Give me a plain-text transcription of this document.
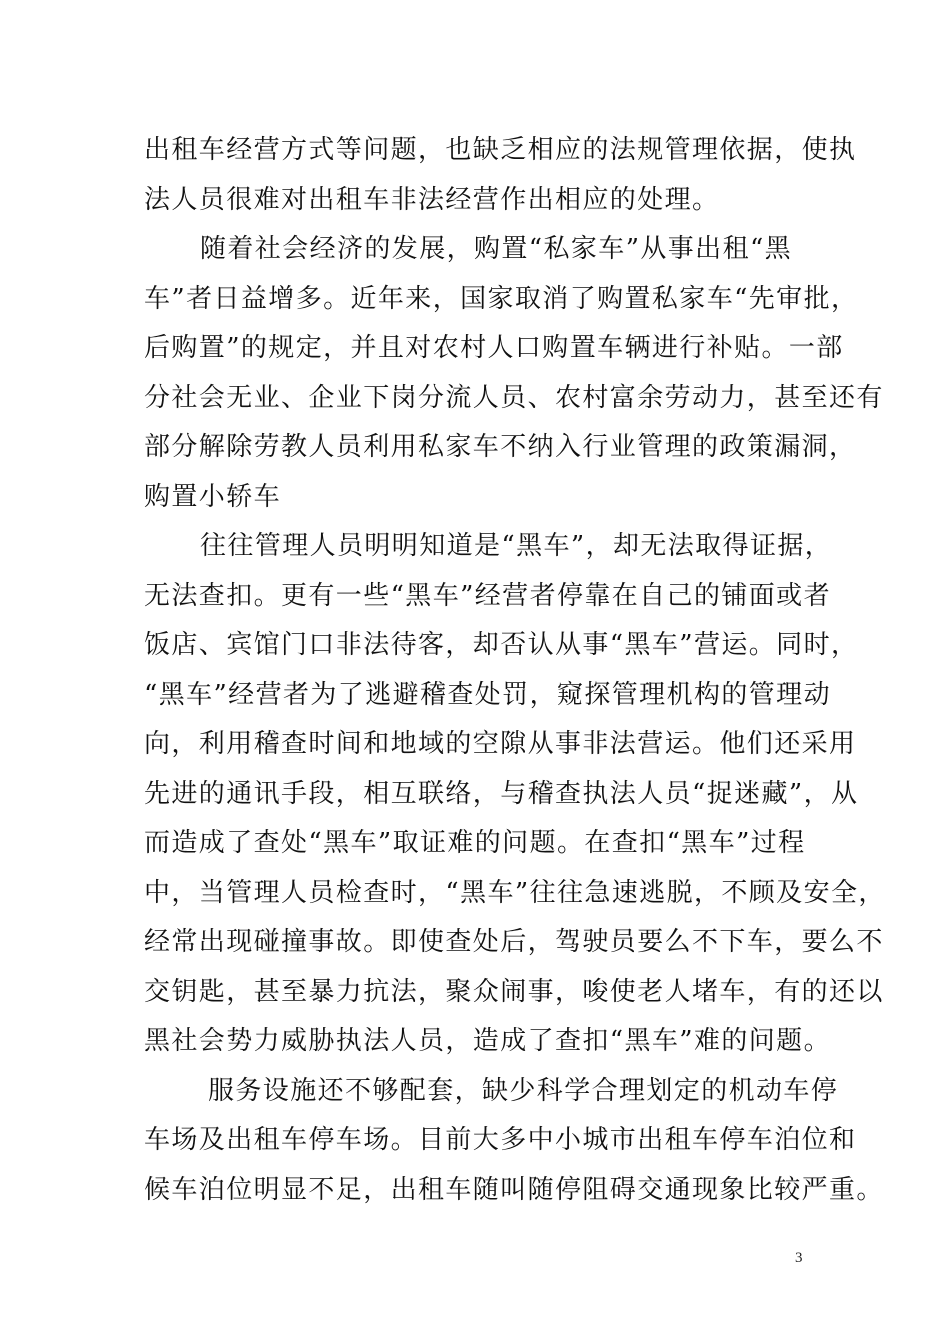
出租车经营方式等问题，也缺乏相应的法规管理依据，使执
法人员很难对出租车非法经营作出相应的处理。
随着社会经济的发展，购置“私家车”从事出租“黑
车”者日益增多。近年来，国家取消了购置私家车“先审批，
后购置”的规定，并且对农村人口购置车辆进行补贴。一部
分社会无业、企业下岗分流人员、农村富余劳动力，甚至还有
部分解除劳教人员利用私家车不纳入行业管理的政策漏洞，
购置小轿车
往往管理人员明明知道是“黑车”，却无法取得证据，
无法查扣。更有一些“黑车”经营者停靠在自己的铺面或者
饭店、宾馆门口非法待客，却否认从事“黑车”营运。同时，
“黑车”经营者为了逃避稽查处罚，窥探管理机构的管理动
向，利用稽查时间和地域的空隙从事非法营运。他们还采用
先进的通讯手段，相互联络，与稽查执法人员“捉迷藏”，从
而造成了查处“黑车”取证难的问题。在查扣“黑车”过程
中，当管理人员检查时，“黑车”往往急速逃脱，不顾及安全，
经常出现碰撞事故。即使查处后，驾驶员要么不下车，要么不
交钥匙，甚至暴力抗法，聚众闹事，唆使老人堵车，有的还以
黑社会势力威胁执法人员，造成了查扣“黑车”难的问题。
服务设施还不够配套，缺少科学合理划定的机动车停
车场及出租车停车场。目前大多中小城市出租车停车泊位和
候车泊位明显不足，出租车随叫随停阻碍交通现象比较严重。
3
